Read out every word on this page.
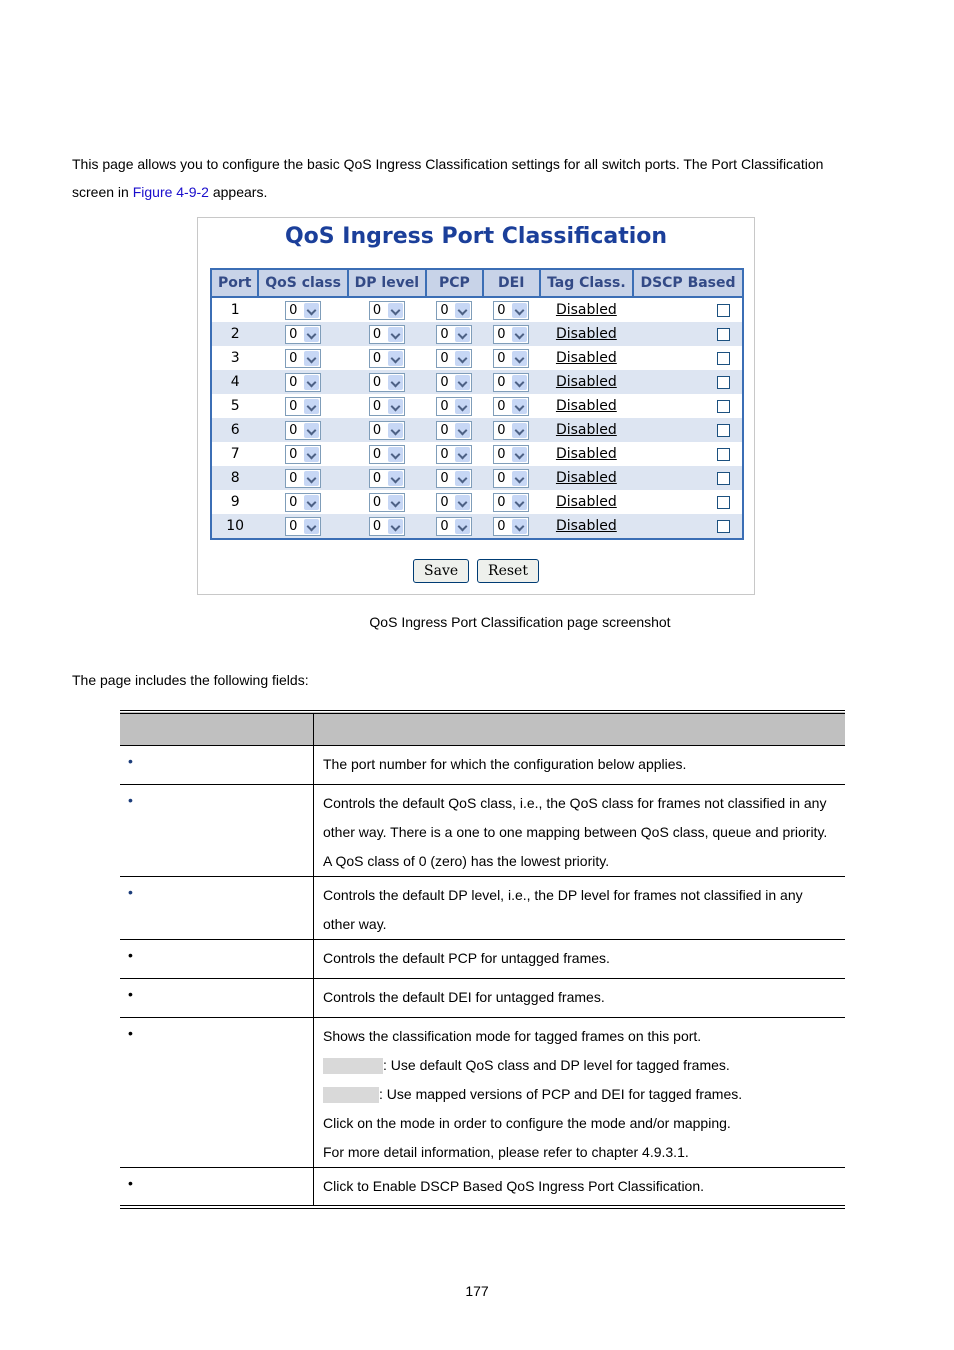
This page allows you to configure the basic QoS Ingress Classification settings for all switch ports. The Port Classification screen in Figure 4-9-2 appears.
QoS Ingress Port Classification
Port	QoS class	DP level	PCP	DEI	Tag Class.	DSCP Based
1	0	0	0	0	Disabled	
2	0	0	0	0	Disabled	
3	0	0	0	0	Disabled	
4	0	0	0	0	Disabled	
5	0	0	0	0	Disabled	
6	0	0	0	0	Disabled	
7	0	0	0	0	Disabled	
8	0	0	0	0	Disabled	
9	0	0	0	0	Disabled	
10	0	0	0	0	Disabled	
Save Reset
QoS Ingress Port Classification page screenshot
The page includes the following fields:

•	The port number for which the configuration below applies.

•	Controls the default QoS class, i.e., the QoS class for frames not classified in any
other way. There is a one to one mapping between QoS class, queue and priority.
A QoS class of 0 (zero) has the lowest priority.

•	Controls the default DP level, i.e., the DP level for frames not classified in any
other way.

•	Controls the default PCP for untagged frames.

•	Controls the default DEI for untagged frames.

•	Shows the classification mode for tagged frames on this port.
: Use default QoS class and DP level for tagged frames.
: Use mapped versions of PCP and DEI for tagged frames.
Click on the mode in order to configure the mode and/or mapping.
For more detail information, please refer to chapter 4.9.3.1.

•	Click to Enable DSCP Based QoS Ingress Port Classification.
177
